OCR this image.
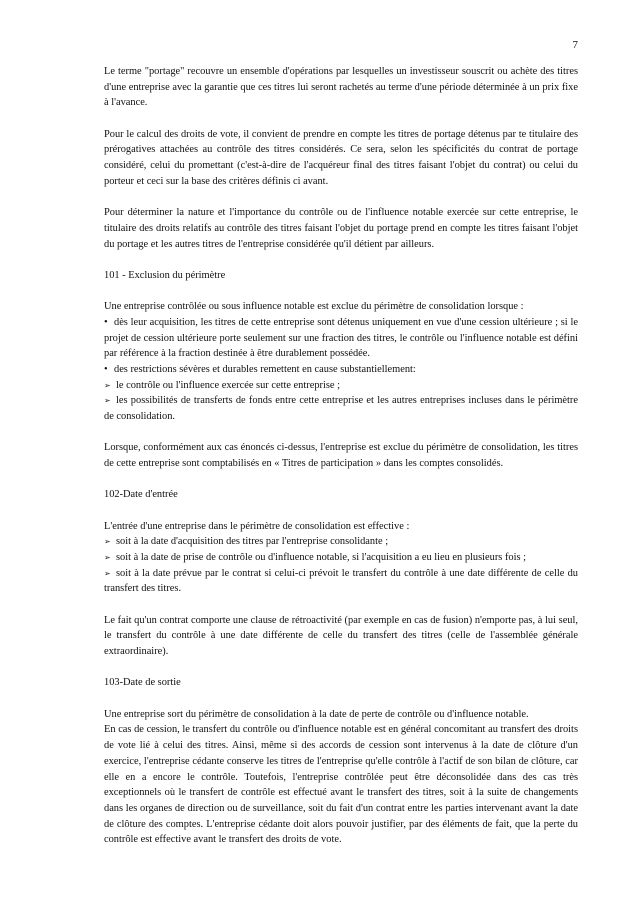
7

Le terme "portage" recouvre un ensemble d'opérations par lesquelles un investisseur souscrit ou achète des titres d'une entreprise avec la garantie que ces titres lui seront rachetés au terme d'une période déterminée à un prix fixe à l'avance.

Pour le calcul des droits de vote, il convient de prendre en compte les titres de portage détenus par te titulaire des prérogatives attachées au contrôle des titres considérés. Ce sera, selon les spécificités du contrat de portage considéré, celui du promettant (c'est-à-dire de l'acquéreur final des titres faisant l'objet du contrat) ou celui du porteur et ceci sur la base des critères définis ci avant.

Pour déterminer la nature et l'importance du contrôle ou de l'influence notable exercée sur cette entreprise, le titulaire des droits relatifs au contrôle des titres faisant l'objet du portage prend en compte les titres faisant l'objet du portage et les autres titres de l'entreprise considérée qu'il détient par ailleurs.

101 - Exclusion du périmètre

Une entreprise contrôlée ou sous influence notable est exclue du périmètre de consolidation lorsque :

• dès leur acquisition, les titres de cette entreprise sont détenus uniquement en vue d'une cession ultérieure ; si le projet de cession ultérieure porte seulement sur une fraction des titres, le contrôle ou l'influence notable est défini par référence à la fraction destinée à être durablement possédée.

• des restrictions sévères et durables remettent en cause substantiellement:

➢ le contrôle ou l'influence exercée sur cette entreprise ;

➢ les possibilités de transferts de fonds entre cette entreprise et les autres entreprises incluses dans le périmètre de consolidation.

Lorsque, conformément aux cas énoncés ci-dessus, l'entreprise est exclue du périmètre de consolidation, les titres de cette entreprise sont comptabilisés en « Titres de participation » dans les comptes consolidés.

102-Date d'entrée

L'entrée d'une entreprise dans le périmètre de consolidation est effective :

➢ soit à la date d'acquisition des titres par l'entreprise consolidante ;

➢ soit à la date de prise de contrôle ou d'influence notable, si l'acquisition a eu lieu en plusieurs fois ;

➢ soit à la date prévue par le contrat si celui-ci prévoit le transfert du contrôle à une date différente de celle du transfert des titres.

Le fait qu'un contrat comporte une clause de rétroactivité (par exemple en cas de fusion) n'emporte pas, à lui seul, le transfert du contrôle à une date différente de celle du transfert des titres (celle de l'assemblée générale extraordinaire).

103-Date de sortie

Une entreprise sort du périmètre de consolidation à la date de perte de contrôle ou d'influence notable.

En cas de cession, le transfert du contrôle ou d'influence notable est en général concomitant au transfert des droits de vote lié à celui des titres. Ainsi, même si des accords de cession sont intervenus à la date de clôture d'un exercice, l'entreprise cédante conserve les titres de l'entreprise qu'elle contrôle à l'actif de son bilan de clôture, car elle en a encore le contrôle. Toutefois, l'entreprise contrôlée peut être déconsolidée dans des cas très exceptionnels où le transfert de contrôle est effectué avant le transfert des titres, soit à la suite de changements dans les organes de direction ou de surveillance, soit du fait d'un contrat entre les parties intervenant avant la date de clôture des comptes. L'entreprise cédante doit alors pouvoir justifier, par des éléments de fait, que la perte du contrôle est effective avant le transfert des droits de vote.
